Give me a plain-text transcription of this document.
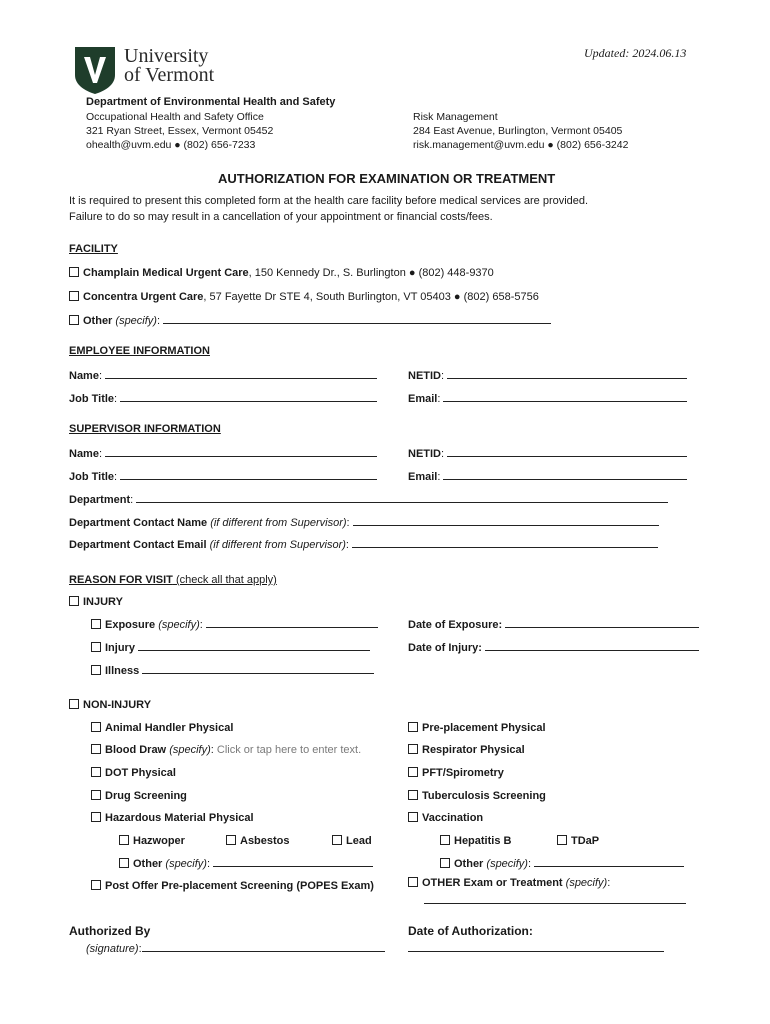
Updated: 2024.06.13
University
of Vermont
Department of Environmental Health and Safety
Occupational Health and Safety Office
321 Ryan Street, Essex, Vermont 05452
ohealth@uvm.edu ● (802) 656-7233
Risk Management
284 East Avenue, Burlington, Vermont 05405
risk.management@uvm.edu ● (802) 656-3242
AUTHORIZATION FOR EXAMINATION OR TREATMENT
It is required to present this completed form at the health care facility before medical services are provided.
Failure to do so may result in a cancellation of your appointment or financial costs/fees.
FACILITY
Champlain Medical Urgent Care, 150 Kennedy Dr., S. Burlington ● (802) 448-9370
Concentra Urgent Care, 57 Fayette Dr STE 4, South Burlington, VT 05403 ● (802) 658-5756
Other (specify):
EMPLOYEE INFORMATION
Name:	NETID:
Job Title:	Email:
SUPERVISOR INFORMATION
Name:	NETID:
Job Title:	Email:
Department:
Department Contact Name (if different from Supervisor):
Department Contact Email (if different from Supervisor):
REASON FOR VISIT (check all that apply)
INJURY
Exposure (specify):	Date of Exposure:
Injury	Date of Injury:
Illness
NON-INJURY
Animal Handler Physical	Pre-placement Physical
Blood Draw (specify): Click or tap here to enter text.	Respirator Physical
DOT Physical	PFT/Spirometry
Drug Screening	Tuberculosis Screening
Hazardous Material Physical	Vaccination
Hazwoper	Asbestos	Lead	Hepatitis B	TDaP
Other (specify):	Other (specify):
Post Offer Pre-placement Screening (POPES Exam)	OTHER Exam or Treatment (specify):
Authorized By
(signature):
Date of Authorization:
